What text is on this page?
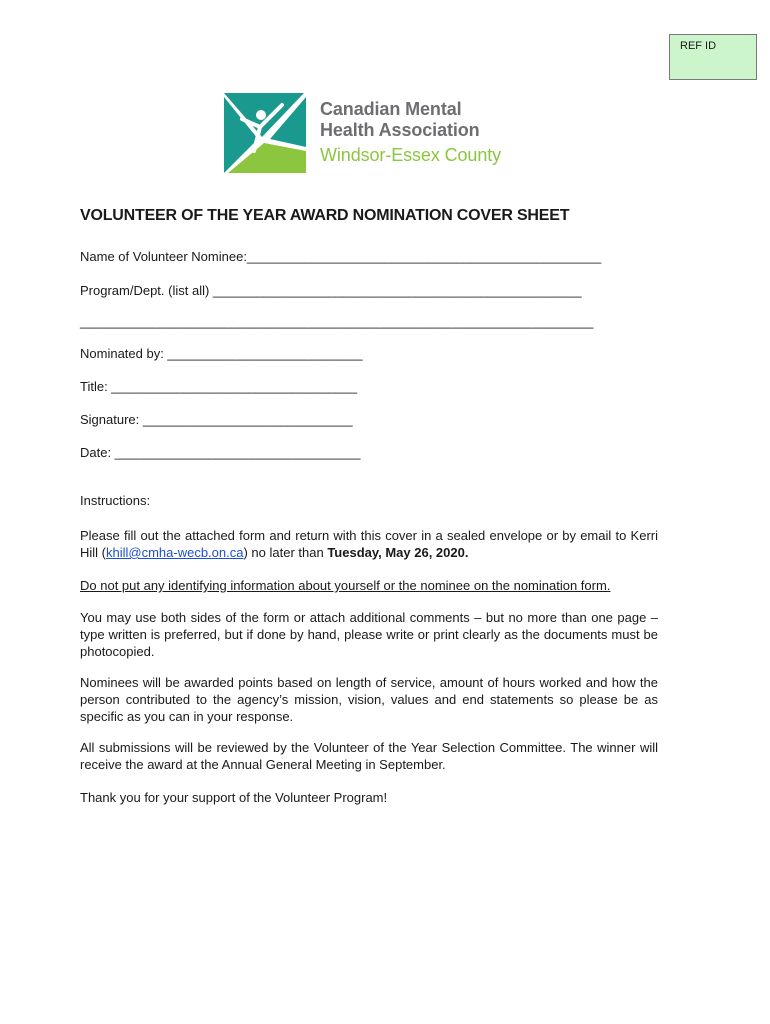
REF ID
Canadian Mental
Health Association
Windsor-Essex County
VOLUNTEER OF THE YEAR AWARD NOMINATION COVER SHEET
Name of Volunteer Nominee:_________________________________________________
Program/Dept. (list all) ___________________________________________________
_______________________________________________________________________
Nominated by: ___________________________
Title: __________________________________
Signature: _____________________________
Date: __________________________________
Instructions:
Please fill out the attached form and return with this cover in a sealed envelope or by email to Kerri Hill (khill@cmha-wecb.on.ca) no later than Tuesday, May 26, 2020.
Do not put any identifying information about yourself or the nominee on the nomination form.
You may use both sides of the form or attach additional comments – but no more than one page – type written is preferred, but if done by hand, please write or print clearly as the documents must be photocopied.
Nominees will be awarded points based on length of service, amount of hours worked and how the person contributed to the agency’s mission, vision, values and end statements so please be as specific as you can in your response.
All submissions will be reviewed by the Volunteer of the Year Selection Committee. The winner will receive the award at the Annual General Meeting in September.
Thank you for your support of the Volunteer Program!
